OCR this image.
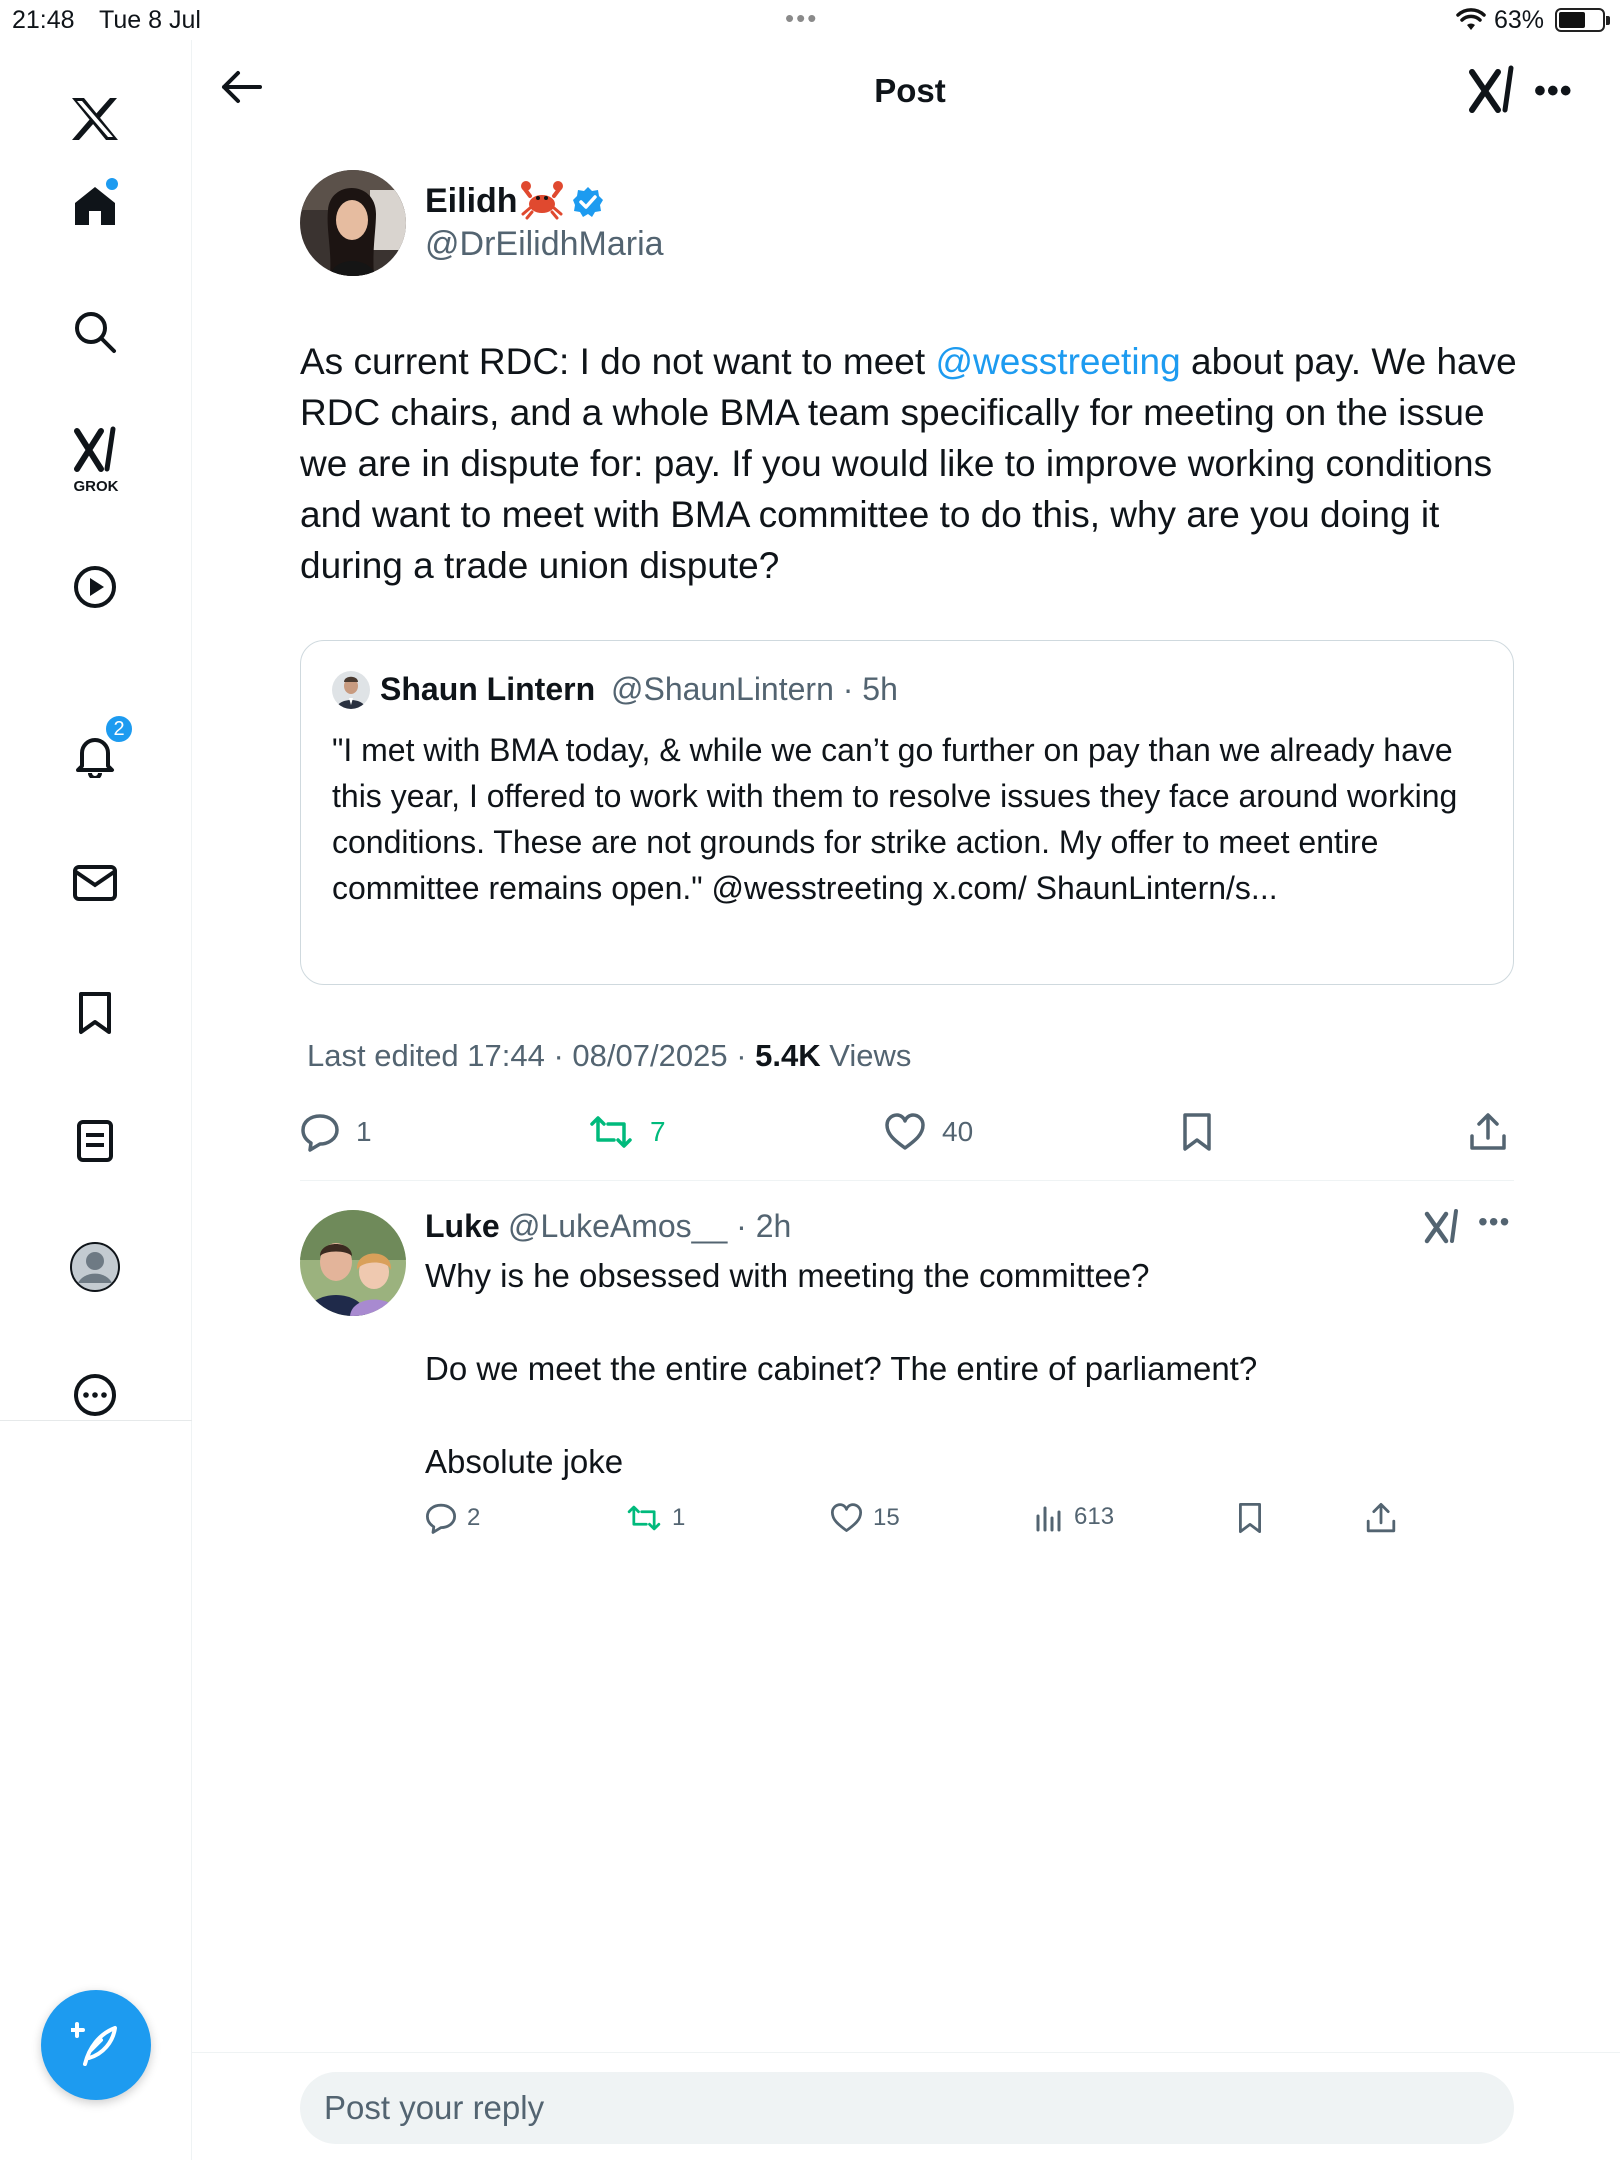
21:48 Tue 8 Jul	•••	63%
GROK
2
Post	•••
Eilidh
@DrEilidhMaria
As current RDC: I do not want to meet @wesstreeting about pay. We have RDC chairs, and a whole BMA team specifically for meeting on the issue we are in dispute for: pay. If you would like to improve working conditions and want to meet with BMA committee to do this, why are you doing it during a trade union dispute?
Shaun Lintern @ShaunLintern · 5h
"I met with BMA today, & while we can’t go further on pay than we already have this year, I offered to work with them to resolve issues they face around working conditions. These are not grounds for strike action. My offer to meet entire committee remains open." @wesstreeting x.com/ ShaunLintern/s...
Last edited 17:44 · 08/07/2025 · 5.4K Views
1	7	40
Luke @LukeAmos__ · 2h	•••
Why is he obsessed with meeting the committee?
Do we meet the entire cabinet? The entire of parliament?
Absolute joke
2	1	15	613
Post your reply
